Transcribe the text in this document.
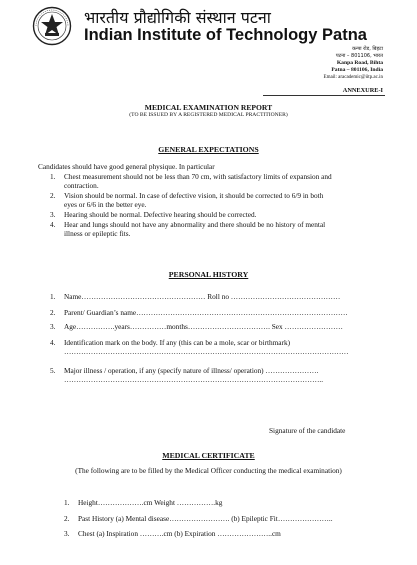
भारतीय प्रौद्योगिकी संस्थान पटना
Indian Institute of Technology Patna
कन्पा रोड, बिहटा
पटना – 801106, भारत
Kanpa Road, Bihta
Patna – 801106, India
Email: aracademic@iitp.ac.in
ANNEXURE-I
MEDICAL EXAMINATION REPORT
(TO BE ISSUED BY A REGISTERED MEDICAL PRACTITIONER)
GENERAL EXPECTATIONS
Candidates should have good general physique. In particular
1. Chest measurement should not be less than 70 cm, with satisfactory limits of expansion and
contraction.
2. Vision should be normal. In case of defective vision, it should be corrected to 6/9 in both
eyes or 6/6 in the better eye.
3. Hearing should be normal. Defective hearing should be corrected.
4. Hear and lungs should not have any abnormality and there should be no history of mental
illness or epileptic fits.
PERSONAL HISTORY
1. Name…………………………………………… Roll no ………………………………………
2. Parent/ Guardian’s name……………………………………………………………………………
3. Age…………….years……………months……………………………. Sex ……………………
4. Identification mark on the body. If any (this can be a mole, scar or birthmark)
………………………………………………………………………………………………………
5. Major illness / operation, if any (specify nature of illness/ operation) ………………….
……………………………………………………………………………………………..
Signature of the candidate
MEDICAL CERTIFICATE
(The following are to be filled by the Medical Officer conducting the medical examination)
1. Height……………….cm Weight …………….kg
2. Past History (a) Mental disease……………………. (b) Epileptic Fit…………………..
3. Chest (a) Inspiration ……….cm (b) Expiration …………………..cm
